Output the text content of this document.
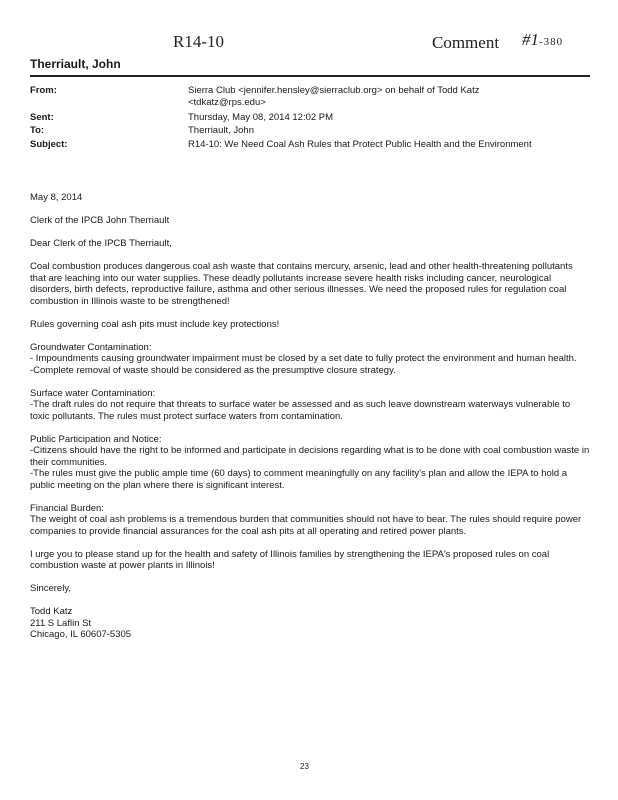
R14-10	Comment #1-380
Therriault, John
From:	Sierra Club <jennifer.hensley@sierraclub.org> on behalf of Todd Katz
<tdkatz@rps.edu>
Sent:	Thursday, May 08, 2014 12:02 PM
To:	Therriault, John
Subject:	R14-10: We Need Coal Ash Rules that Protect Public Health and the Environment

May 8, 2014

Clerk of the IPCB John Therriault

Dear Clerk of the IPCB Therriault,

Coal combustion produces dangerous coal ash waste that contains mercury, arsenic, lead and other health-threatening pollutants that are leaching into our water supplies. These deadly pollutants increase severe health risks including cancer, neurological disorders, birth defects, reproductive failure, asthma and other serious illnesses. We need the proposed rules for regulation coal combustion in Illinois waste to be strengthened!

Rules governing coal ash pits must include key protections!

Groundwater Contamination:

- Impoundments causing groundwater impairment must be closed by a set date to fully protect the environment and human health.

-Complete removal of waste should be considered as the presumptive closure strategy.

Surface water Contamination:

-The draft rules do not require that threats to surface water be assessed and as such leave downstream waterways vulnerable to toxic pollutants. The rules must protect surface waters from contamination.

Public Participation and Notice:

-Citizens should have the right to be informed and participate in decisions regarding what is to be done with coal combustion waste in their communities.

-The rules must give the public ample time (60 days) to comment meaningfully on any facility's plan and allow the IEPA to hold a public meeting on the plan where there is significant interest.

Financial Burden:

The weight of coal ash problems is a tremendous burden that communities should not have to bear. The rules should require power companies to provide financial assurances for the coal ash pits at all operating and retired power plants.

I urge you to please stand up for the health and safety of Illinois families by strengthening the IEPA's proposed rules on coal combustion waste at power plants in Illinois!

Sincerely,

Todd Katz

211 S Laflin St

Chicago, IL 60607-5305

23
